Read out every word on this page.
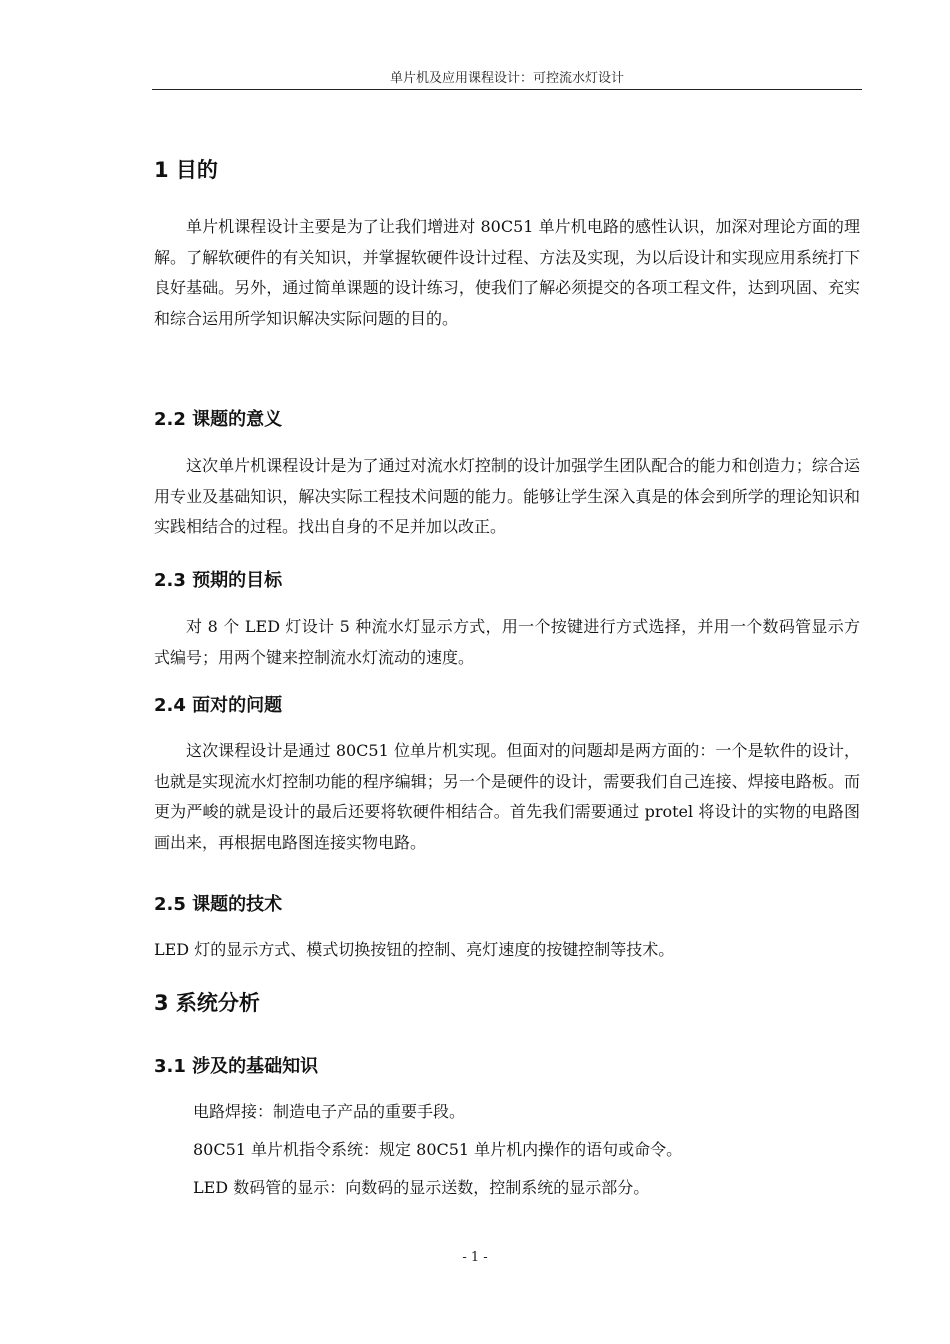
单片机及应用课程设计：可控流水灯设计
1 目的

单片机课程设计主要是为了让我们增进对 80C51 单片机电路的感性认识，加深对理论方面的理解。了解软硬件的有关知识，并掌握软硬件设计过程、方法及实现，为以后设计和实现应用系统打下良好基础。另外，通过简单课题的设计练习，使我们了解必须提交的各项工程文件，达到巩固、充实和综合运用所学知识解决实际问题的目的。

2.2 课题的意义

这次单片机课程设计是为了通过对流水灯控制的设计加强学生团队配合的能力和创造力；综合运用专业及基础知识，解决实际工程技术问题的能力。能够让学生深入真是的体会到所学的理论知识和实践相结合的过程。找出自身的不足并加以改正。

2.3 预期的目标

对 8 个 LED 灯设计 5 种流水灯显示方式，用一个按键进行方式选择，并用一个数码管显示方式编号；用两个键来控制流水灯流动的速度。

2.4 面对的问题

这次课程设计是通过 80C51 位单片机实现。但面对的问题却是两方面的：一个是软件的设计，也就是实现流水灯控制功能的程序编辑；另一个是硬件的设计，需要我们自己连接、焊接电路板。而更为严峻的就是设计的最后还要将软硬件相结合。首先我们需要通过 protel 将设计的实物的电路图画出来，再根据电路图连接实物电路。

2.5 课题的技术

LED 灯的显示方式、模式切换按钮的控制、亮灯速度的按键控制等技术。

3 系统分析
3.1 涉及的基础知识

电路焊接：制造电子产品的重要手段。

80C51 单片机指令系统：规定 80C51 单片机内操作的语句或命令。

LED 数码管的显示：向数码的显示送数，控制系统的显示部分。

- 1 -
